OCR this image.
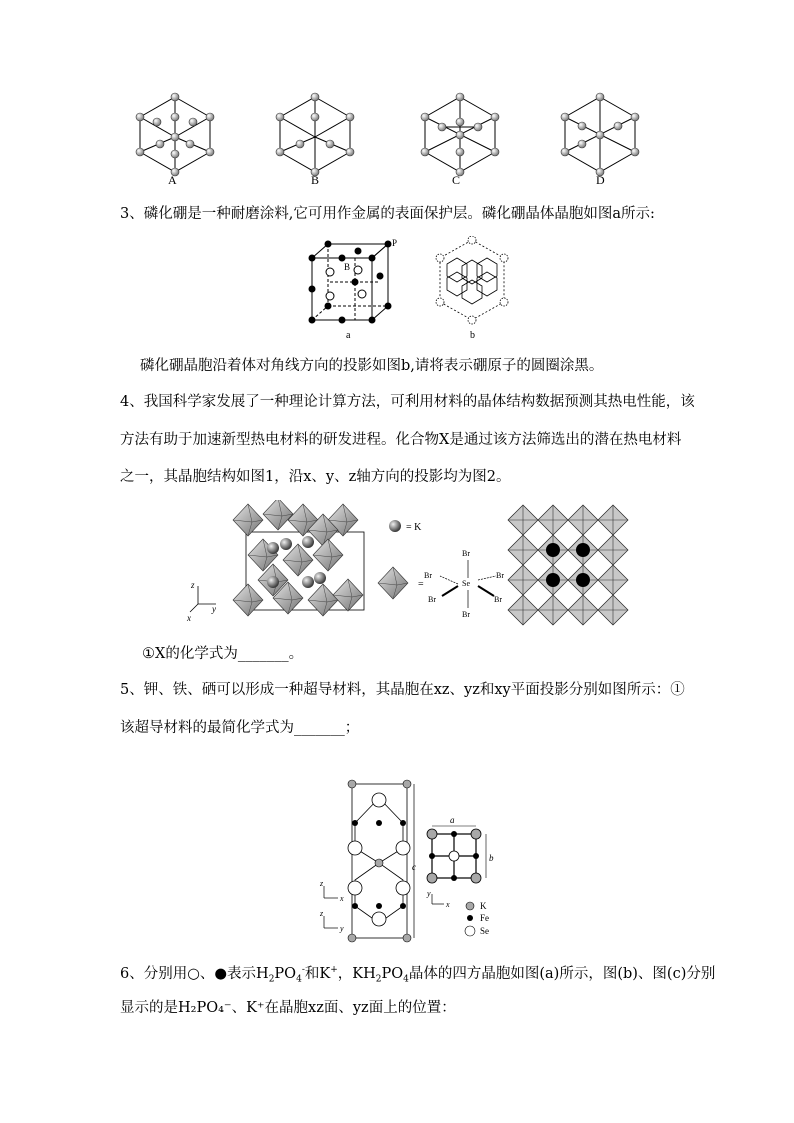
A	B	C	D
3、磷化硼是一种耐磨涂料,它可用作金属的表面保护层。磷化硼晶体晶胞如图a所示:
P
B
a	b
磷化硼晶胞沿着体对角线方向的投影如图b,请将表示硼原子的圆圈涂黑。
4、我国科学家发展了一种理论计算方法，可利用材料的晶体结构数据预测其热电性能，该
方法有助于加速新型热电材料的研发进程。化合物X是通过该方法筛选出的潜在热电材料
之一，其晶胞结构如图1，沿x、y、z轴方向的投影均为图2。
z
x
y
= K
=	Se
Br
Br
Br	Br
Br	Br
①X的化学式为_______。
5、钾、铁、硒可以形成一种超导材料，其晶胞在xz、yz和xy平面投影分别如图所示：①
该超导材料的最简化学式为_______；
c
z
x
z
y
a
b
y
x	K
Fe
Se
6、分别用○、●表示$H_2PO_4^-$和K+，$KH_2PO_4$晶体的四方晶胞如图(a)所示，图(b)、图(c)分别
显示的是H₂PO₄⁻、K⁺在晶胞xz面、yz面上的位置：
